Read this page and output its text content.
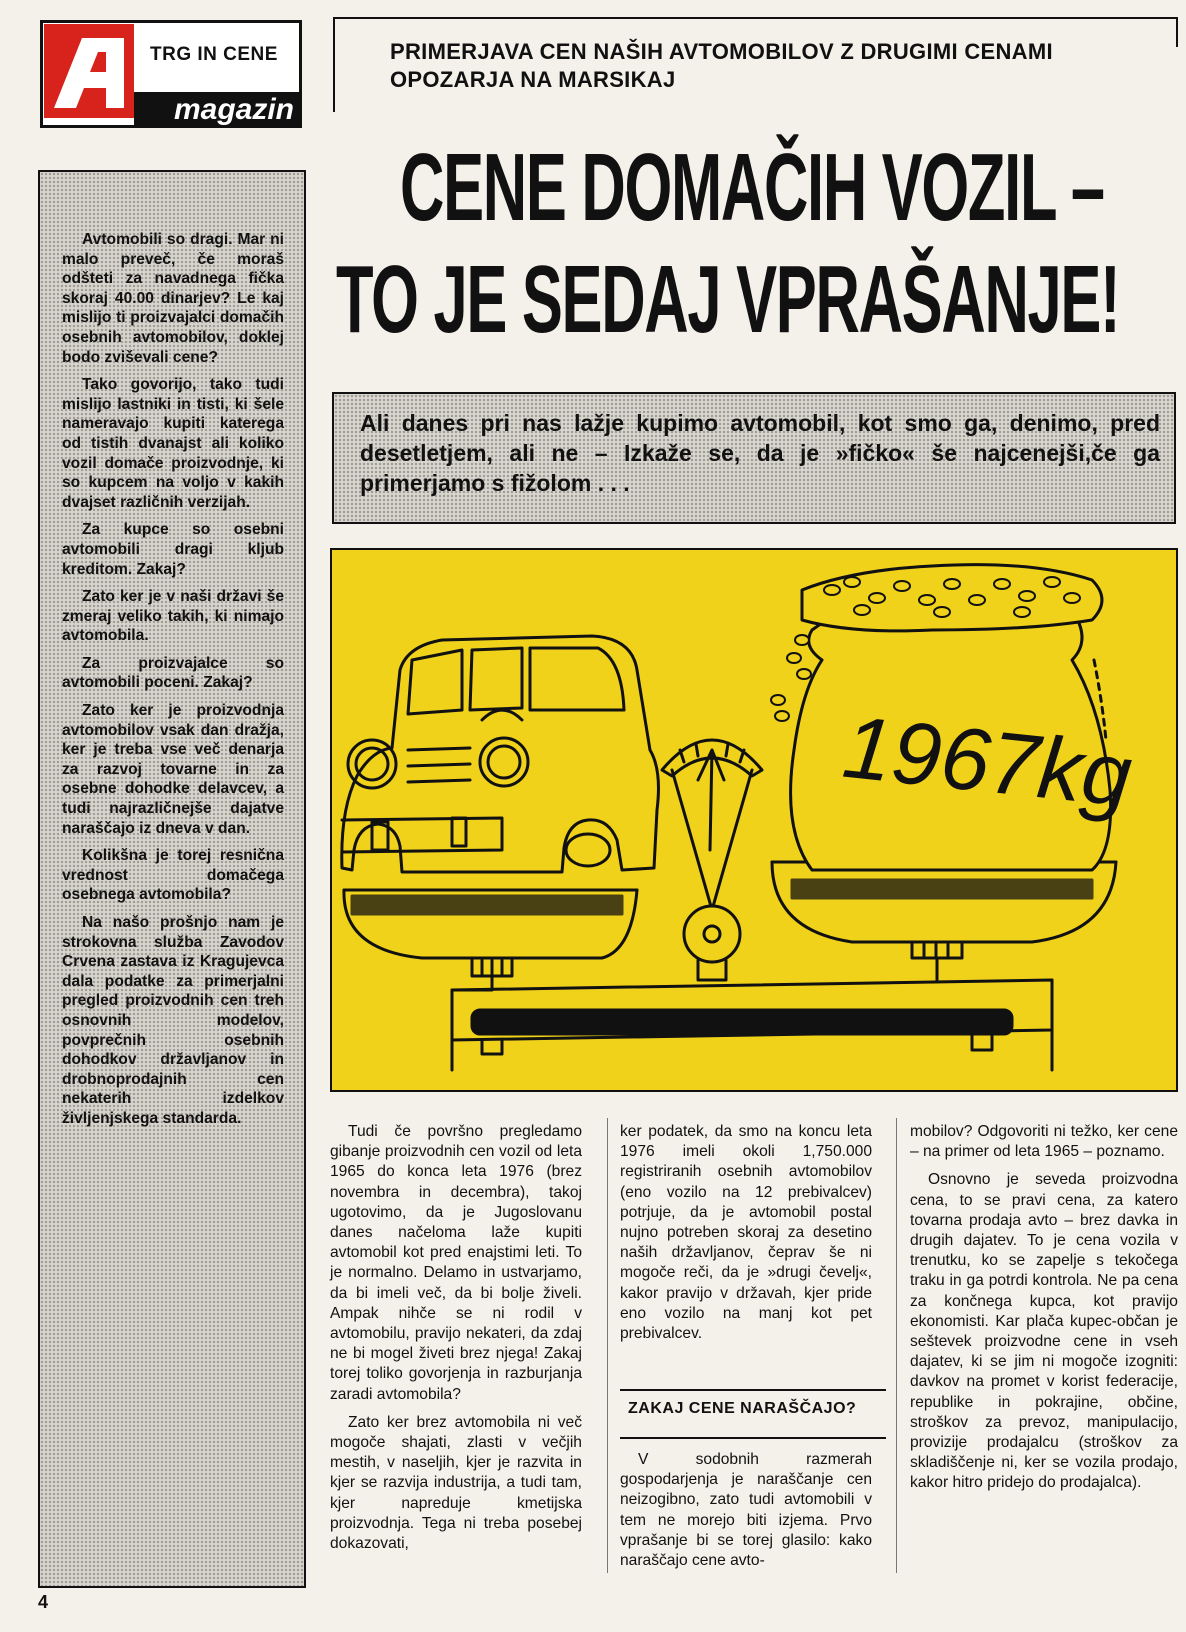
TRG IN CENE
magazin
PRIMERJAVA CEN NAŠIH AVTOMOBILOV Z DRUGIMI CENAMI OPOZARJA NA MARSIKAJ
CENE DOMAČIH VOZIL –
TO JE SEDAJ VPRAŠANJE!
Ali danes pri nas lažje kupimo avtomobil, kot smo ga, denimo, pred desetletjem, ali ne – Izkaže se, da je »fičko« še najcenejši,če ga primerjamo s fižolom . . .

Avtomobili so dragi. Mar ni malo preveč, če moraš odšteti za navadnega fička skoraj 40.00 dinarjev? Le kaj mislijo ti proizvajalci domačih osebnih avtomobilov, doklej bodo zviševali cene?

Tako govorijo, tako tudi mislijo lastniki in tisti, ki šele nameravajo kupiti katerega od tistih dvanajst ali koliko vozil domače proizvodnje, ki so kupcem na voljo v kakih dvajset različnih verzijah.

Za kupce so osebni avtomobili dragi kljub kreditom. Zakaj?

Zato ker je v naši državi še zmeraj veliko takih, ki nimajo avtomobila.

Za proizvajalce so avtomobili poceni. Zakaj?

Zato ker je proizvodnja avtomobilov vsak dan dražja, ker je treba vse več denarja za razvoj tovarne in za osebne dohodke delavcev, a tudi najrazličnejše dajatve naraščajo iz dneva v dan.

Kolikšna je torej resnična vrednost domačega osebnega avtomobila?

Na našo prošnjo nam je strokovna služba Zavodov Crvena zastava iz Kragujevca dala podatke za primerjalni pregled proizvodnih cen treh osnovnih modelov, povprečnih osebnih dohodkov državljanov in drobnoprodajnih cen nekaterih izdelkov življenjskega standarda.

1967kg

Tudi če površno pregledamo gibanje proizvodnih cen vozil od leta 1965 do konca leta 1976 (brez novembra in decembra), takoj ugotovimo, da je Jugoslovanu danes načeloma laže kupiti avtomobil kot pred enajstimi leti. To je normalno. Delamo in ustvarjamo, da bi imeli več, da bi bolje živeli. Ampak nihče se ni rodil v avtomobilu, pravijo nekateri, da zdaj ne bi mogel živeti brez njega! Zakaj torej toliko govorjenja in razburjanja zaradi avtomobila?

Zato ker brez avtomobila ni več mogoče shajati, zlasti v večjih mestih, v naseljih, kjer je razvita in kjer se razvija industrija, a tudi tam, kjer napreduje kmetijska proizvodnja. Tega ni treba posebej dokazovati,

ker podatek, da smo na koncu leta 1976 imeli okoli 1,750.000 registriranih osebnih avtomobilov (eno vozilo na 12 prebivalcev) potrjuje, da je avtomobil postal nujno potreben skoraj za desetino naših državljanov, čeprav še ni mogoče reči, da je »drugi čevelj«, kakor pravijo v državah, kjer pride eno vozilo na manj kot pet prebivalcev.

ZAKAJ CENE NARAŠČAJO?

V sodobnih razmerah gospodarjenja je naraščanje cen neizogibno, zato tudi avtomobili v tem ne morejo biti izjema. Prvo vprašanje bi se torej glasilo: kako naraščajo cene avto-

mobilov? Odgovoriti ni težko, ker cene – na primer od leta 1965 – poznamo.

Osnovno je seveda proizvodna cena, to se pravi cena, za katero tovarna prodaja avto – brez davka in drugih dajatev. To je cena vozila v trenutku, ko se zapelje s tekočega traku in ga potrdi kontrola. Ne pa cena za končnega kupca, kot pravijo ekonomisti. Kar plača kupec-občan je seštevek proizvodne cene in vseh dajatev, ki se jim ni mogoče izogniti: davkov na promet v korist federacije, republike in pokrajine, občine, stroškov za prevoz, manipulacijo, provizije prodajalcu (stroškov za skladiščenje ni, ker se vozila prodajo, kakor hitro pridejo do prodajalca).

4
